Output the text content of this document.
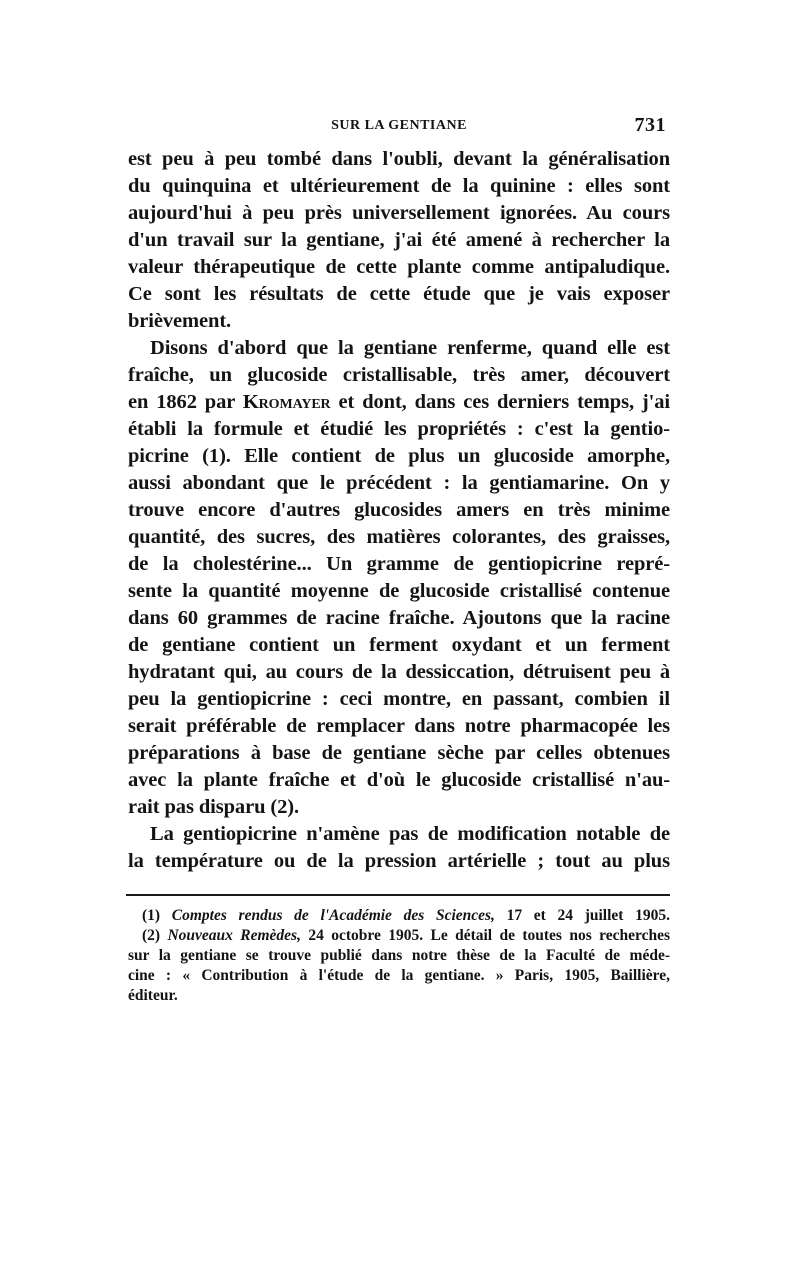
SUR LA GENTIANE	731
est peu à peu tombé dans l'oubli, devant la généralisation
du quinquina et ultérieurement de la quinine : elles sont
aujourd'hui à peu près universellement ignorées. Au cours
d'un travail sur la gentiane, j'ai été amené à rechercher la
valeur thérapeutique de cette plante comme antipaludique.
Ce sont les résultats de cette étude que je vais exposer
brièvement.
Disons d'abord que la gentiane renferme, quand elle est
fraîche, un glucoside cristallisable, très amer, découvert
en 1862 par Kromayer et dont, dans ces derniers temps, j'ai
établi la formule et étudié les propriétés : c'est la gentio-
picrine (1). Elle contient de plus un glucoside amorphe,
aussi abondant que le précédent : la gentiamarine. On y
trouve encore d'autres glucosides amers en très minime
quantité, des sucres, des matières colorantes, des graisses,
de la cholestérine... Un gramme de gentiopicrine repré-
sente la quantité moyenne de glucoside cristallisé contenue
dans 60 grammes de racine fraîche. Ajoutons que la racine
de gentiane contient un ferment oxydant et un ferment
hydratant qui, au cours de la dessiccation, détruisent peu à
peu la gentiopicrine : ceci montre, en passant, combien il
serait préférable de remplacer dans notre pharmacopée les
préparations à base de gentiane sèche par celles obtenues
avec la plante fraîche et d'où le glucoside cristallisé n'au-
rait pas disparu (2).
La gentiopicrine n'amène pas de modification notable de
la température ou de la pression artérielle ; tout au plus
(1) Comptes rendus de l'Académie des Sciences, 17 et 24 juillet 1905.
(2) Nouveaux Remèdes, 24 octobre 1905. Le détail de toutes nos recherches
sur la gentiane se trouve publié dans notre thèse de la Faculté de méde-
cine : « Contribution à l'étude de la gentiane. » Paris, 1905, Baillière,
éditeur.
